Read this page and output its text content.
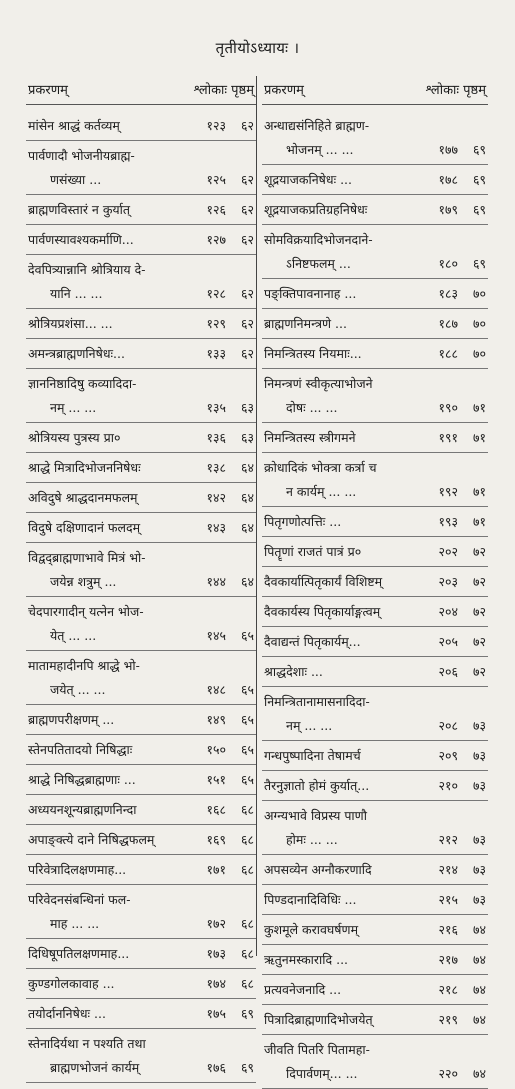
तृतीयोऽध्यायः ।
प्रकरणम्	श्लोकाः पृष्ठम्
मांसेन श्राद्धं कर्तव्यम्	१२३	६२
पार्वणादौ भोजनीयब्राह्म-
णसंख्या ...	१२५	६२
ब्राह्मणविस्तारं न कुर्यात्	१२६	६२
पार्वणस्यावश्यकर्माणि...	१२७	६२
देवपित्र्यान्नानि श्रोत्रियाय दे-
यानि ... ...	१२८	६२
श्रोत्रियप्रशंसा... ...	१२९	६२
अमन्त्रब्राह्मणनिषेधः...	१३३	६२
ज्ञाननिष्ठादिषु कव्यादिदा-
नम् ... ...	१३५	६३
श्रोत्रियस्य पुत्रस्य प्रा०	१३६	६३
श्राद्धे मित्रादिभोजननिषेधः	१३८	६४
अविदुषे श्राद्धदानमफलम्	१४२	६४
विदुषे दक्षिणादानं फलदम्	१४३	६४
विद्वद्ब्राह्मणाभावे मित्रं भो-
जयेन्न शत्रुम् ...	१४४	६४
चेदपारगादीन् यत्नेन भोज-
येत् ... ...	१४५	६५
मातामहादीनपि श्राद्धे भो-
जयेत् ... ...	१४८	६५
ब्राह्मणपरीक्षणम् ...	१४९	६५
स्तेनपतितादयो निषिद्धाः	१५०	६५
श्राद्धे निषिद्धब्राह्मणाः ...	१५१	६५
अध्ययनशून्यब्राह्मणनिन्दा	१६८	६८
अपाङ्क्त्ये दाने निषिद्धफलम्	१६९	६८
परिवेत्रादिलक्षणमाह...	१७१	६८
परिवेदनसंबन्धिनां फल-
माह ... ...	१७२	६८
दिधिषूपतिलक्षणमाह...	१७३	६८
कुण्डगोलकावाह ...	१७४	६८
तयोर्दाननिषेधः ...	१७५	६९
स्तेनादिर्यथा न पश्यति तथा
ब्राह्मणभोजनं कार्यम्	१७६	६९
प्रकरणम्	श्लोकाः पृष्ठम्
अन्धाद्यसंनिहिते ब्राह्मण-
भोजनम् ... ...	१७७	६९
शूद्रयाजकनिषेधः ...	१७८	६९
शूद्रयाजकप्रतिग्रहनिषेधः	१७९	६९
सोमविक्रयादिभोजनदाने-
ऽनिष्टफलम् ...	१८०	६९
पङ्क्तिपावनानाह ...	१८३	७०
ब्राह्मणनिमन्त्रणे ...	१८७	७०
निमन्त्रितस्य नियमाः...	१८८	७०
निमन्त्रणं स्वीकृत्याभोजने
दोषः ... ...	१९०	७१
निमन्त्रितस्य स्त्रीगमने	१९१	७१
क्रोधादिकं भोक्त्रा कर्त्रा च
न कार्यम् ... ...	१९२	७१
पितृगणोत्पत्तिः ...	१९३	७१
पितॄणां राजतं पात्रं प्र०	२०२	७२
दैवकार्यात्पितृकार्यं विशिष्टम्	२०३	७२
दैवकार्यस्य पितृकार्याङ्गत्वम्	२०४	७२
दैवाद्यन्तं पितृकार्यम्...	२०५	७२
श्राद्धदेशाः ...	२०६	७२
निमन्त्रितानामासनादिदा-
नम् ... ...	२०८	७३
गन्धपुष्पादिना तेषामर्च	२०९	७३
तैरनुज्ञातो होमं कुर्यात्...	२१०	७३
अग्न्यभावे विप्रस्य पाणौ
होमः ... ...	२१२	७३
अपसव्येन अग्नौकरणादि	२१४	७३
पिण्डदानादिविधिः ...	२१५	७३
कुशमूले करावघर्षणम्	२१६	७४
ऋतुनमस्कारादि ...	२१७	७४
प्रत्यवनेजनादि ...	२१८	७४
पित्रादिब्राह्मणादिभोजयेत्	२१९	७४
जीवति पितरि पितामहा-
दिपार्वणम्... ...	२२०	७४
